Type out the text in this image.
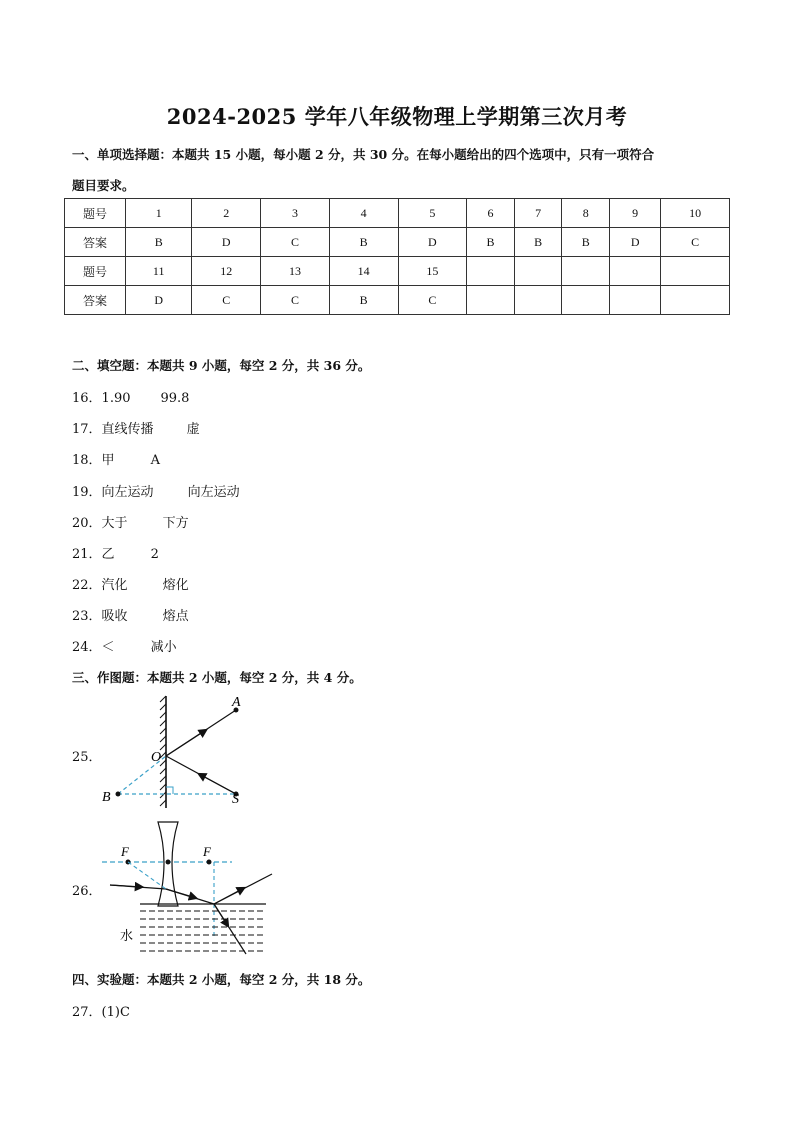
2024-2025 学年八年级物理上学期第三次月考
一、单项选择题：本题共 15 小题，每小题 2 分，共 30 分。在每小题给出的四个选项中，只有一项符合
题目要求。
题号	1	2	3	4	5	6	7	8	9	10
答案	B	D	C	B	D	B	B	B	D	C
题号	11	12	13	14	15					
答案	D	C	C	B	C					
二、填空题：本题共 9 小题，每空 2 分，共 36 分。
16．1.90 99.8
17．直线传播	虚
18．甲	A
19．向左运动	向左运动
20．大于	下方
21．乙	2
22．汽化	熔化
23．吸收	熔点
24．＜	减小
三、作图题：本题共 2 小题，每空 2 分，共 4 分。
25．
A
O
B	S
26．
F	F
水
四、实验题：本题共 2 小题，每空 2 分，共 18 分。
27．(1)C
